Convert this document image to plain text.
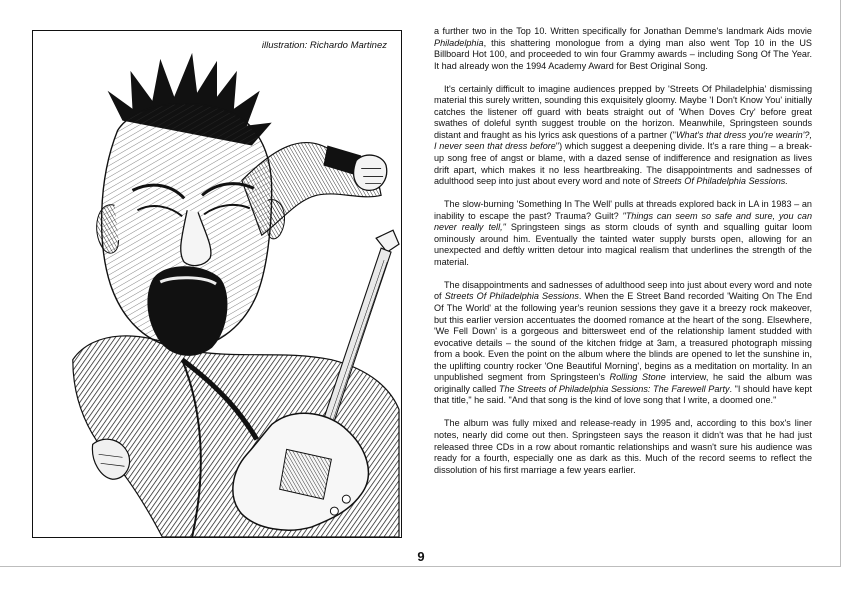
illustration: Richardo Martinez

a further two in the Top 10. Written specifically for Jonathan Demme's landmark Aids movie Philadelphia, this shattering monologue from a dying man also went Top 10 in the US Billboard Hot 100, and proceeded to win four Grammy awards – including Song Of The Year. It had already won the 1994 Academy Award for Best Original Song.

It's certainly difficult to imagine audiences prepped by 'Streets Of Philadelphia' dismissing material this surely written, sounding this exquisitely gloomy. Maybe 'I Don't Know You' initially catches the listener off guard with beats straight out of 'When Doves Cry' before great swathes of doleful synth suggest trouble on the horizon. Meanwhile, Springsteen sounds distant and fraught as his lyrics ask questions of a partner ("What's that dress you're wearin'?, I never seen that dress before") which suggest a deepening divide. It's a rare thing – a break-up song free of angst or blame, with a dazed sense of indifference and resignation as lives drift apart, which makes it no less heartbreaking. The disappointments and sadnesses of adulthood seep into just about every word and note of Streets Of Philadelphia Sessions.

The slow-burning 'Something In The Well' pulls at threads explored back in LA in 1983 – an inability to escape the past? Trauma? Guilt? "Things can seem so safe and sure, you can never really tell," Springsteen sings as storm clouds of synth and squalling guitar loom ominously around him. Eventually the tainted water supply bursts open, allowing for an unexpected and deftly written detour into magical realism that underlines the strength of the material.

The disappointments and sadnesses of adulthood seep into just about every word and note of Streets Of Philadelphia Sessions. When the E Street Band recorded 'Waiting On The End Of The World' at the following year's reunion sessions they gave it a breezy rock makeover, but this earlier version accentuates the doomed romance at the heart of the song. Elsewhere, 'We Fell Down' is a gorgeous and bittersweet end of the relationship lament studded with evocative details – the sound of the kitchen fridge at 3am, a treasured photograph missing from a book. Even the point on the album where the blinds are opened to let the sunshine in, the uplifting country rocker 'One Beautiful Morning', begins as a meditation on mortality. In an unpublished segment from Springsteen's Rolling Stone interview, he said the album was originally called The Streets of Philadelphia Sessions: The Farewell Party. "I should have kept that title," he said. "And that song is the kind of love song that I write, a doomed one."

The album was fully mixed and release-ready in 1995 and, according to this box's liner notes, nearly did come out then. Springsteen says the reason it didn't was that he had just released three CDs in a row about romantic relationships and wasn't sure his audience was ready for a fourth, especially one as dark as this. Much of the record seems to reflect the dissolution of his first marriage a few years earlier.

9
